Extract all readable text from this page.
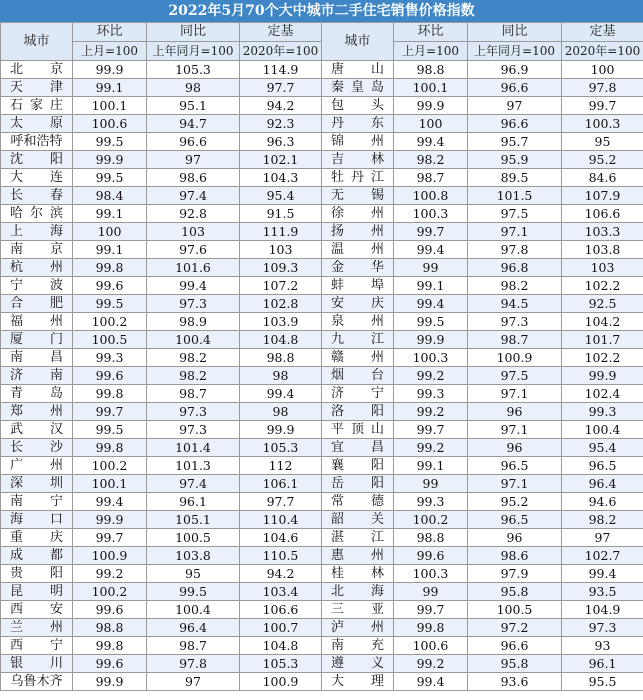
2022年5月70个大中城市二手住宅销售价格指数
城市	环比	同比	定基	城市	环比	同比	定基
	上月=100	上年同月=100	2020年=100		上月=100	上年同月=100	2020年=100
北京	99.9	105.3	114.9	唐山	98.8	96.9	100
天津	99.1	98	97.7	秦皇岛	100.1	96.6	97.8
石家庄	100.1	95.1	94.2	包头	99.9	97	99.7
太原	100.6	94.7	92.3	丹东	100	96.6	100.3
呼和浩特	99.5	96.6	96.3	锦州	99.4	95.7	95
沈阳	99.9	97	102.1	吉林	98.2	95.9	95.2
大连	99.5	98.6	104.3	牡丹江	98.7	89.5	84.6
长春	98.4	97.4	95.4	无锡	100.8	101.5	107.9
哈尔滨	99.1	92.8	91.5	徐州	100.3	97.5	106.6
上海	100	103	111.9	扬州	99.7	97.1	103.3
南京	99.1	97.6	103	温州	99.4	97.8	103.8
杭州	99.8	101.6	109.3	金华	99	96.8	103
宁波	99.6	99.4	107.2	蚌埠	99.1	98.2	102.2
合肥	99.5	97.3	102.8	安庆	99.4	94.5	92.5
福州	100.2	98.9	103.9	泉州	99.5	97.3	104.2
厦门	100.5	100.4	104.8	九江	99.9	98.7	101.7
南昌	99.3	98.2	98.8	赣州	100.3	100.9	102.2
济南	99.6	98.2	98	烟台	99.2	97.5	99.9
青岛	99.8	98.7	99.4	济宁	99.3	97.1	102.4
郑州	99.7	97.3	98	洛阳	99.2	96	99.3
武汉	99.5	97.3	99.9	平顶山	99.7	97.1	100.4
长沙	99.8	101.4	105.3	宜昌	99.2	96	95.4
广州	100.2	101.3	112	襄阳	99.1	96.5	96.5
深圳	100.1	97.4	106.1	岳阳	99	97.1	96.4
南宁	99.4	96.1	97.7	常德	99.3	95.2	94.6
海口	99.9	105.1	110.4	韶关	100.2	96.5	98.2
重庆	99.7	100.5	104.6	湛江	98.8	96	97
成都	100.9	103.8	110.5	惠州	99.6	98.6	102.7
贵阳	99.2	95	94.2	桂林	100.3	97.9	99.4
昆明	100.2	99.5	103.4	北海	99	95.8	93.5
西安	99.6	100.4	106.6	三亚	99.7	100.5	104.9
兰州	98.8	96.4	100.7	泸州	99.8	97.2	97.3
西宁	99.8	98.7	104.8	南充	100.6	96.6	93
银川	99.6	97.8	105.3	遵义	99.2	95.8	96.1
乌鲁木齐	99.9	97	100.9	大理	99.4	93.6	95.5
